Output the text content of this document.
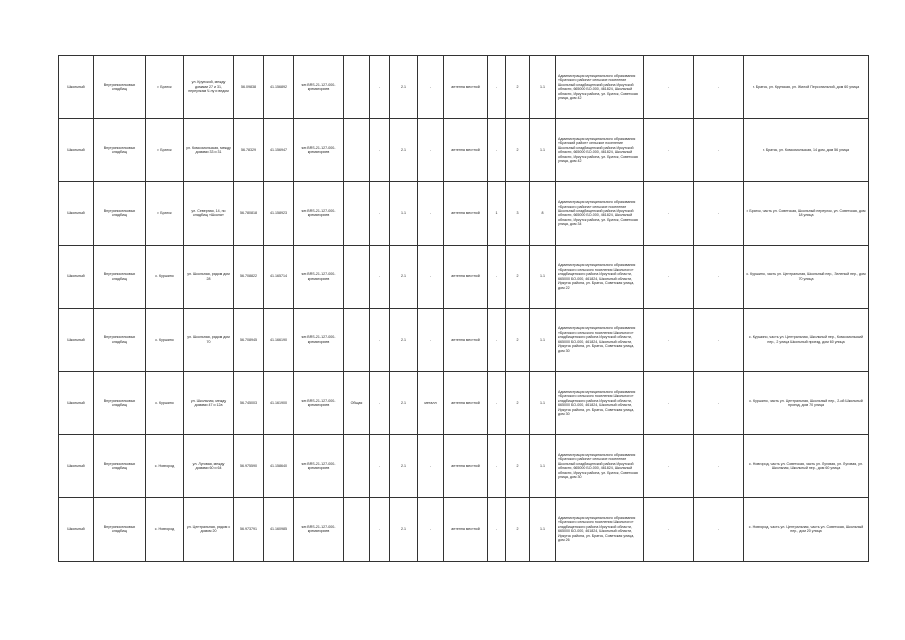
Школьный	Внутрипоселковых кладбищ	г. Братск	ул. Крупской, между домами 27 и 31, переулкам Ч-ну и ведом	56.09838	41.156892	ser.BRS-21-127-000-крематориев		-	2.1	-	антенна местной	-	2	1.1	Администрация муниципального образования «Братского района» сельское поселение Школьный кладбищенский района Иркутской области, 665000 БО-000, 461824, Школьный области, Иркутск района, ул. Братск, Советская улица, дом 42	-	-	г. Братск, ул. Крупская, ул. Жилой Персональной, дом 60 улица
Школьный	Внутрипоселковых кладбищ	г. Братск	ул. Комсомольская, между домами 33 и 31	56.78329	41.156947	ser.BRS-21-127-000-крематориев		-	2.1	-	антенна местной	-	2	1.1	Администрация муниципального образования «Братский район» сельское поселение Школьный кладбищенский района Иркутской области, 665000 БО-000, 461824, Школьный области, Иркутск района, ул. Братск, Советская улица, дом 42	-	-	г. Братск, ул. Комсомольская, 14 дом, дом 56 улица
Школьный	Внутрипоселковых кладбищ	г. Братск	ул. Северная, 14, по кладбищ «Школа»	56.780818	41.158923	ser.BRS-21-127-000-крематориев		-	1.1	-	антенна местной	1	3	8	Администрация муниципального образования «Братского района» сельское поселение Школьный кладбищенский района Иркутской области, 665000 БО-000, 461824, Школьный области, Иркутск района, ул. Братск, Советская улица, дом 34	-	-	г. Братск, часть ул. Советская, Школьный переулок, ул. Советская, дом 18 улица
Школьный	Внутрипоселковых кладбищ	с. Куршино	ул. Школьная, рядом дом 28	56.708822	41.165714	ser.BRS-21-127-000-крематориев		-	2.1	-	антенна местной	-	2	1.1	Администрация муниципального образования «Братского сельского поселения Школьного» кладбищенского района Иркутской области, 665000 БО-000, 461824, Школьный области, Иркутск района, ул. Братск, Советская улица, дом 22	-	-	с. Куршино, часть ул. Центральная, Школьный пер., Зеленый пер., дом 70 улица
Школьный	Внутрипоселковых кладбищ	с. Куршино	ул. Школьная, рядом дом 70	56.708945	41.166190	ser.BRS-21-127-000-крематориев		-	2.1	-	антенна местной	-	2	1.1	Администрация муниципального образования «Братского сельского поселения Школьного» кладбищенского района Иркутской области, 665000 БО-000, 461824, Школьный области, Иркутск района, ул. Братск, Советская улица, дом 30	-	-	с. Куршино, часть ул. Центральная, Школьный пер., Комсомольский пер., 2 улица Школьный проезд, дом 60 улица
Школьный	Внутрипоселковых кладбищ	с. Куршино	ул. Школьная, между домами 47 и 12а	56.745003	41.161900	ser.BRS-21-127-000-крематориев	Общая	-	2.1	металл	антенна местной	-	2	1.1	Администрация муниципального образования «Братского сельского поселения Школьного» кладбищенского района Иркутской области, 665000 БО-000, 461824, Школьный области, Иркутск района, ул. Братск, Советская улица, дом 30	-	-	с. Куршино, часть ул. Центральная, Школьный пер., 2-ой Школьный проезд, дом 70 улица
Школьный	Внутрипоселковых кладбищ	с. Новгород	ул. Луговая, между домами 60 и 64	56.975590	41.158640	ser.BRS-21-127-000-крематориев		-	2.1	-	антенна местной	-	2	1.1	Администрация муниципального образования «Братского района» сельское поселение Школьный кладбищенский района Иркутской области, 665000 БО-000, 461824, Школьный области, Иркутск района, ул. Братск, Советская улица, дом 30	-	-	с. Новгород, часть ул. Советская, часть ул. Луговая, ул. Луговая, ул. Школьная, Школьный пер., дом 60 улица
Школьный	Внутрипоселковых кладбищ	с. Новгород	ул. Центральная, рядом с домом 20	56.973791	41.160985	ser.BRS-21-127-000-крематориев		-	2.1	-	антенна местной	-	2	1.1	Администрация муниципального образования «Братского сельского поселения Школьного» кладбищенского района Иркутской области, 665000 БО-000, 461824, Школьный области, Иркутск района, ул. Братск, Советская улица, дом 26	-	-	с. Новгород, часть ул. Центральная, часть ул. Советская, Школьный пер., дом 20 улица
